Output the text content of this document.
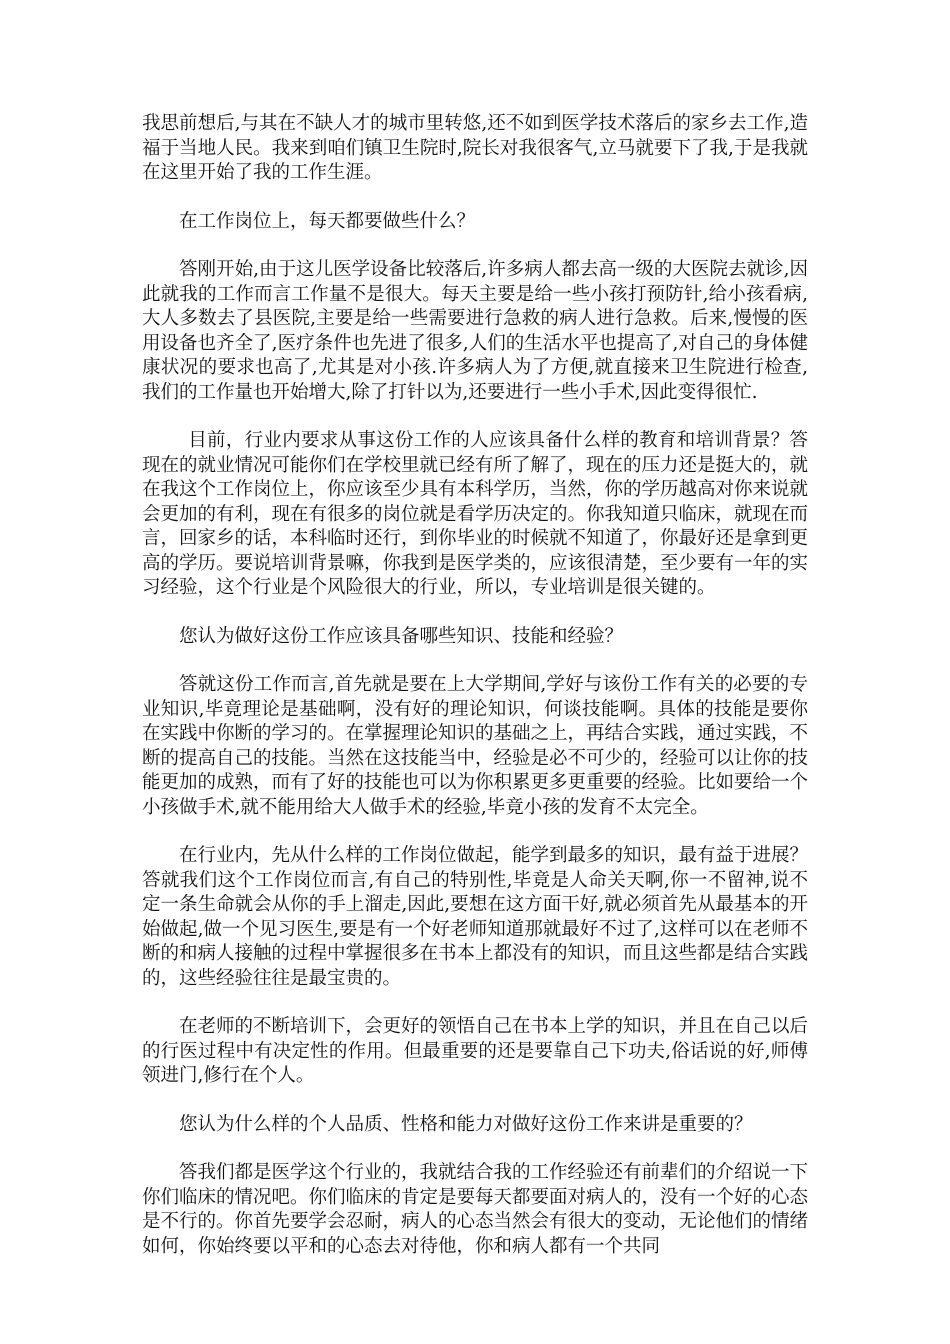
我思前想后,与其在不缺人才的城市里转悠,还不如到医学技术落后的家乡去工作,造福于当地人民。我来到咱们镇卫生院时,院长对我很客气,立马就要下了我,于是我就在这里开始了我的工作生涯。

在工作岗位上，每天都要做些什么？

答刚开始,由于这儿医学设备比较落后,许多病人都去高一级的大医院去就诊,因此就我的工作而言工作量不是很大。每天主要是给一些小孩打预防针,给小孩看病,大人多数去了县医院,主要是给一些需要进行急救的病人进行急救。后来,慢慢的医用设备也齐全了,医疗条件也先进了很多,人们的生活水平也提高了,对自己的身体健康状况的要求也高了,尤其是对小孩.许多病人为了方便,就直接来卫生院进行检查,我们的工作量也开始增大,除了打针以为,还要进行一些小手术,因此变得很忙.

目前，行业内要求从事这份工作的人应该具备什么样的教育和培训背景？答现在的就业情况可能你们在学校里就已经有所了解了，现在的压力还是挺大的，就在我这个工作岗位上，你应该至少具有本科学历，当然，你的学历越高对你来说就会更加的有利，现在有很多的岗位就是看学历决定的。你我知道只临床，就现在而言，回家乡的话，本科临时还行，到你毕业的时候就不知道了，你最好还是拿到更高的学历。要说培训背景嘛，你我到是医学类的，应该很清楚，至少要有一年的实习经验，这个行业是个风险很大的行业，所以，专业培训是很关键的。

您认为做好这份工作应该具备哪些知识、技能和经验？

答就这份工作而言,首先就是要在上大学期间,学好与该份工作有关的必要的专业知识,毕竟理论是基础啊，没有好的理论知识，何谈技能啊。具体的技能是要你在实践中你断的学习的。在掌握理论知识的基础之上，再结合实践，通过实践，不断的提高自己的技能。当然在这技能当中，经验是必不可少的，经验可以让你的技能更加的成熟，而有了好的技能也可以为你积累更多更重要的经验。比如要给一个小孩做手术,就不能用给大人做手术的经验,毕竟小孩的发育不太完全。

在行业内，先从什么样的工作岗位做起，能学到最多的知识，最有益于进展？ 答就我们这个工作岗位而言,有自己的特别性,毕竟是人命关天啊,你一不留神,说不定一条生命就会从你的手上溜走,因此,要想在这方面干好,就必须首先从最基本的开始做起,做一个见习医生,要是有一个好老师知道那就最好不过了,这样可以在老师不断的和病人接触的过程中掌握很多在书本上都没有的知识，而且这些都是结合实践的，这些经验往往是最宝贵的。

在老师的不断培训下，会更好的领悟自己在书本上学的知识，并且在自己以后的行医过程中有决定性的作用。但最重要的还是要靠自己下功夫,俗话说的好,师傅领进门,修行在个人。

您认为什么样的个人品质、性格和能力对做好这份工作来讲是重要的？

答我们都是医学这个行业的，我就结合我的工作经验还有前辈们的介绍说一下你们临床的情况吧。你们临床的肯定是要每天都要面对病人的，没有一个好的心态是不行的。你首先要学会忍耐，病人的心态当然会有很大的变动，无论他们的情绪如何，你始终要以平和的心态去对待他，你和病人都有一个共同
